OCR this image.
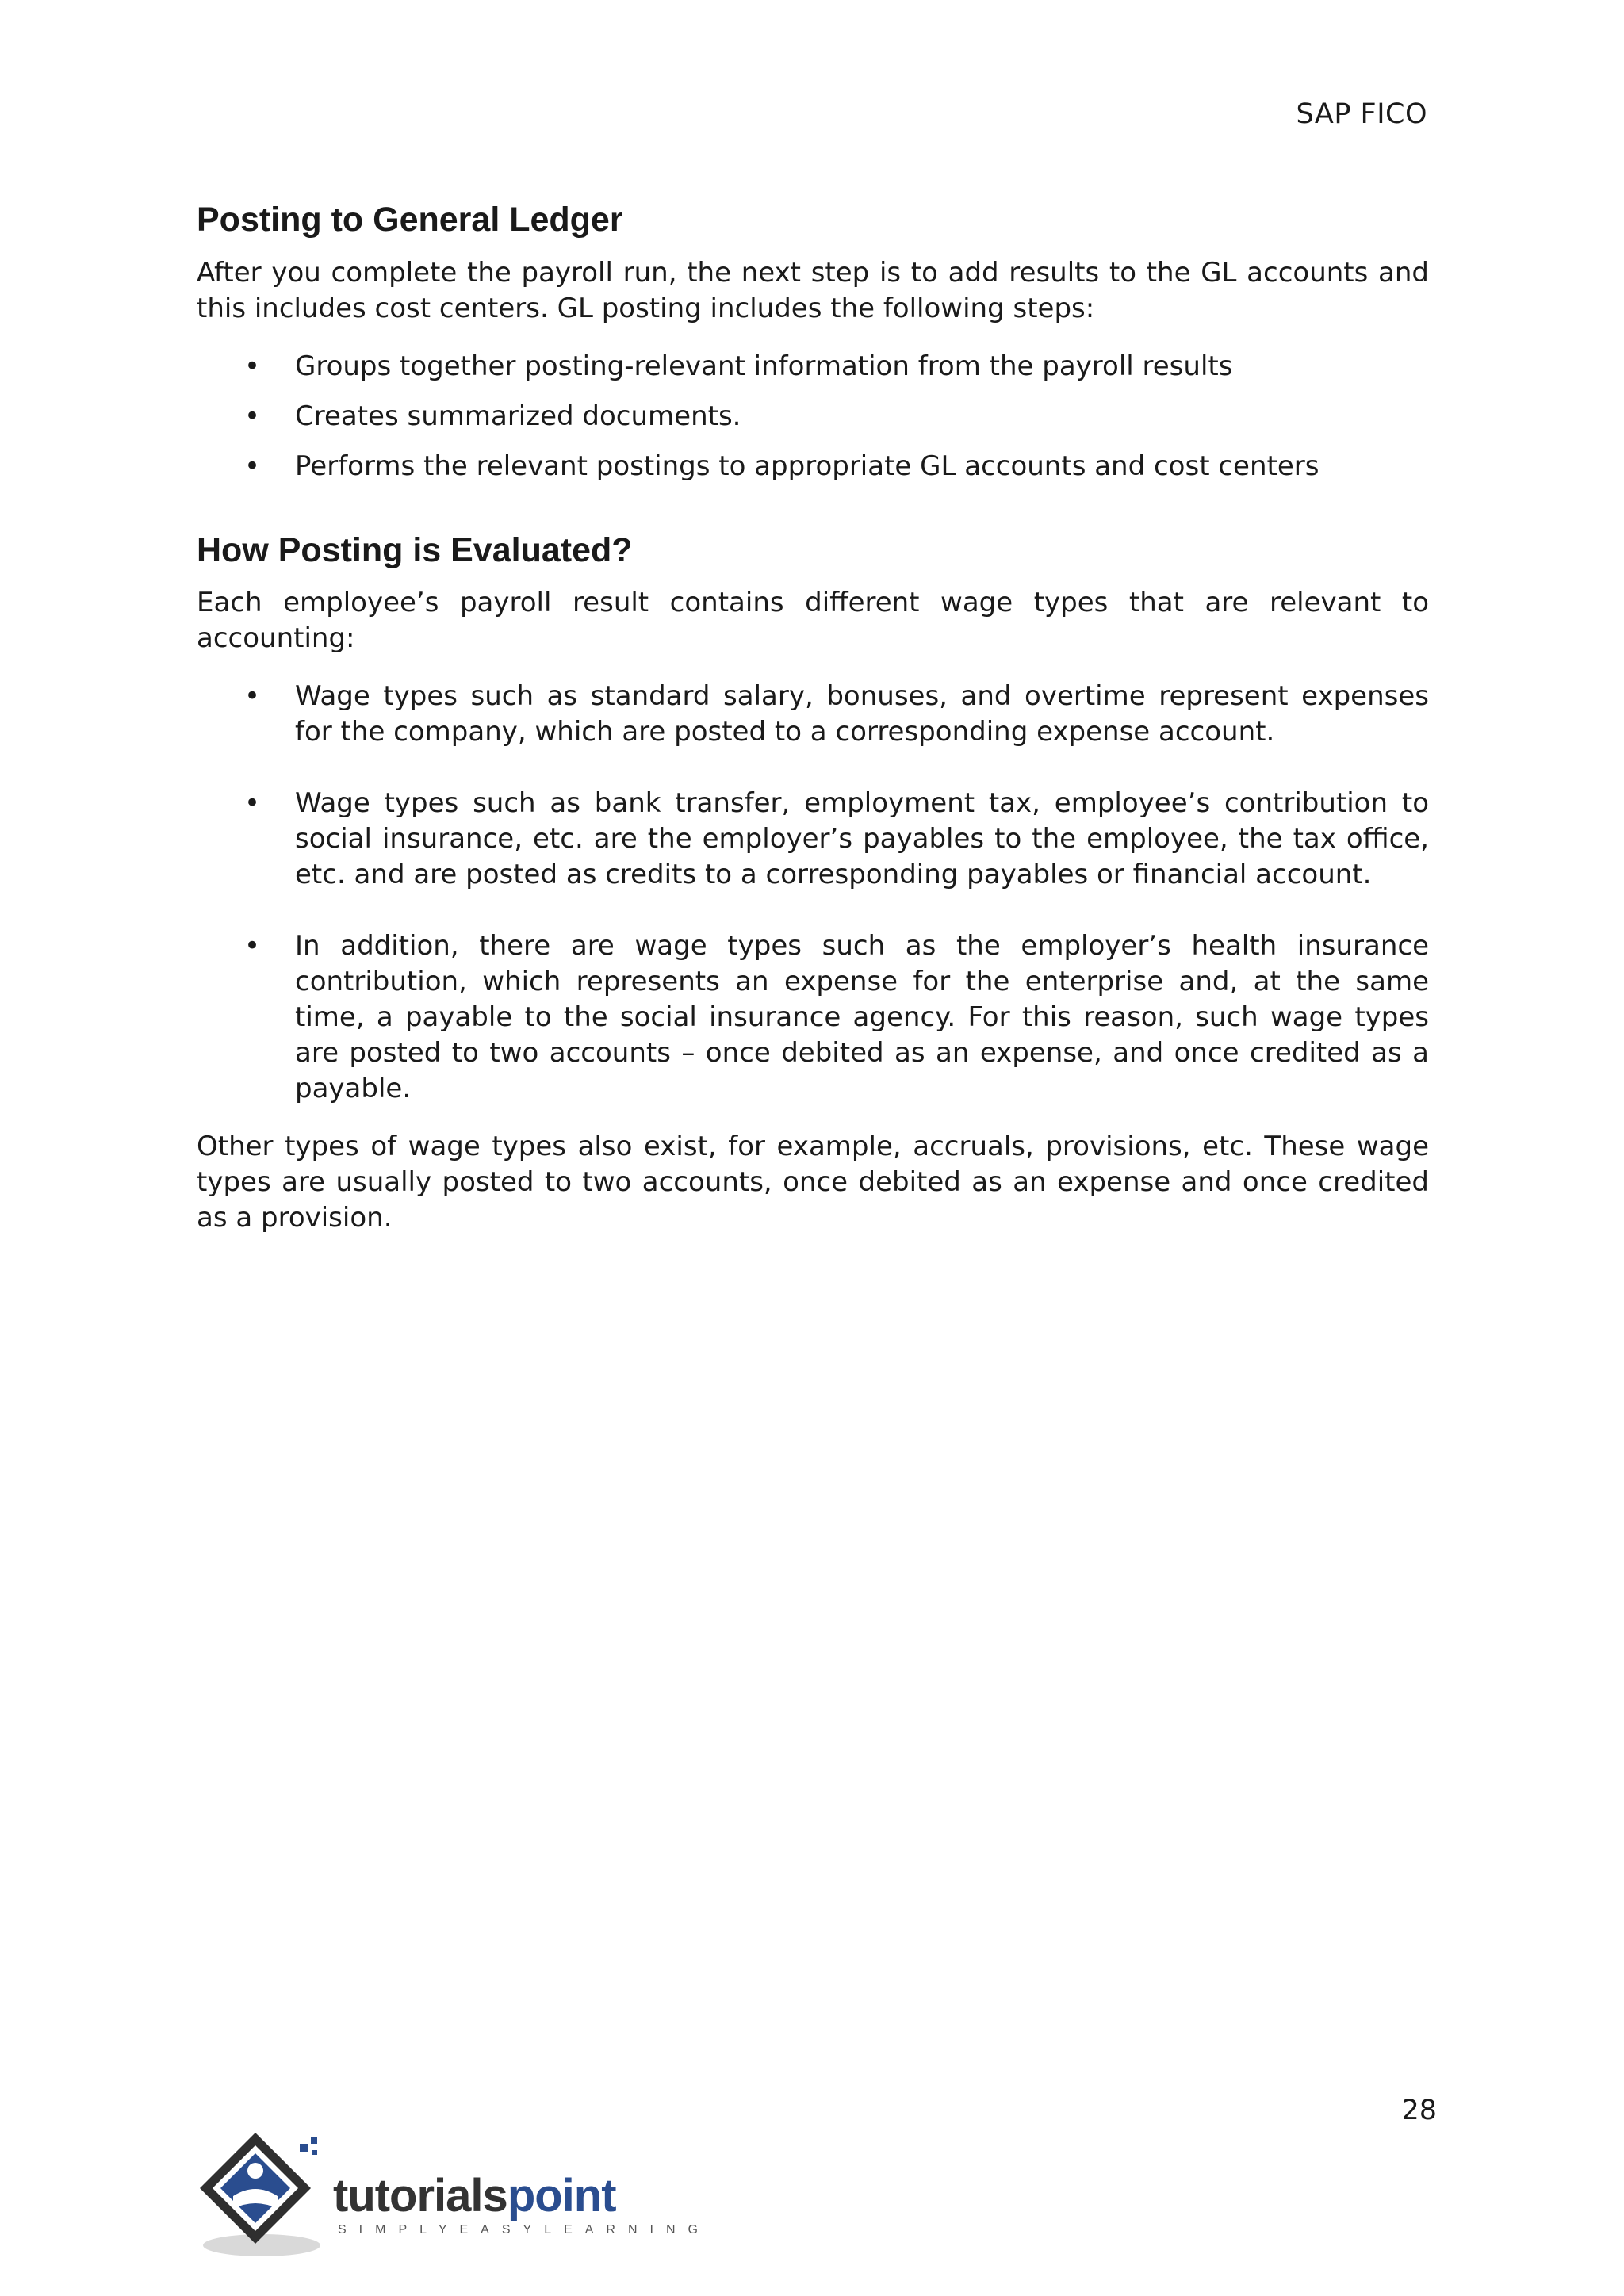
SAP FICO
Posting to General Ledger

After you complete the payroll run, the next step is to add results to the GL accounts and this includes cost centers. GL posting includes the following steps:

• Groups together posting-relevant information from the payroll results
• Creates summarized documents.
• Performs the relevant postings to appropriate GL accounts and cost centers
How Posting is Evaluated?

Each employee’s payroll result contains different wage types that are relevant to accounting:

• Wage types such as standard salary, bonuses, and overtime represent expenses for the company, which are posted to a corresponding expense account.
• Wage types such as bank transfer, employment tax, employee’s contribution to social insurance, etc. are the employer’s payables to the employee, the tax office, etc. and are posted as credits to a corresponding payables or financial account.
• In addition, there are wage types such as the employer’s health insurance contribution, which represents an expense for the enterprise and, at the same time, a payable to the social insurance agency. For this reason, such wage types are posted to two accounts – once debited as an expense, and once credited as a payable.

Other types of wage types also exist, for example, accruals, provisions, etc. These wage types are usually posted to two accounts, once debited as an expense and once credited as a provision.

28
tutorialspoint
SIMPLYEASYLEARNING
